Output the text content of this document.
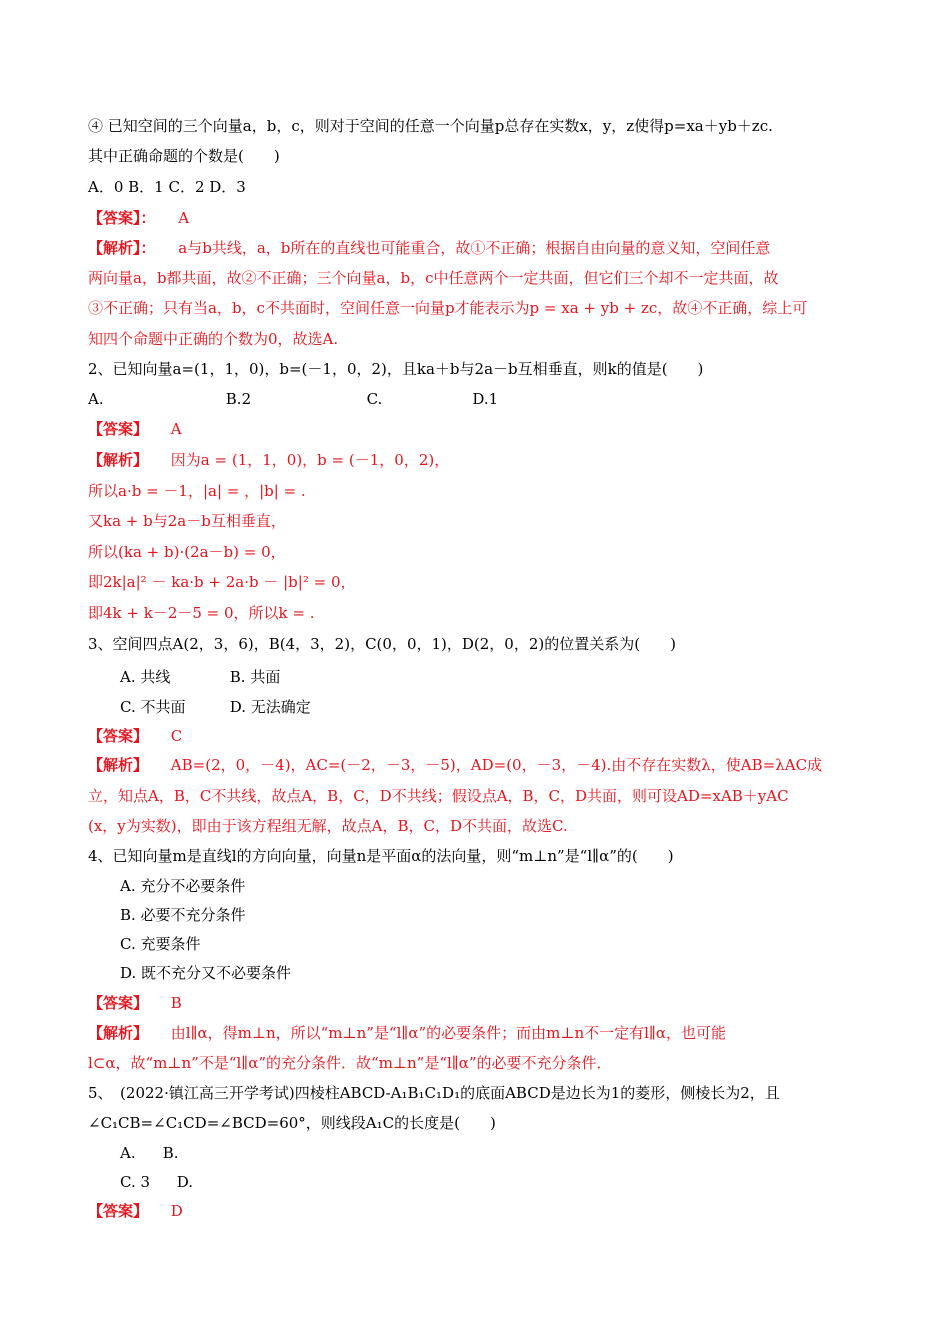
④ 已知空间的三个向量a，b，c，则对于空间的任意一个向量p总存在实数x，y，z使得p=xa＋yb＋zc.
其中正确命题的个数是(　　)
A．0 B．1 C．2 D．3
【答案】： A
【解析】： a与b共线，a，b所在的直线也可能重合，故①不正确；根据自由向量的意义知，空间任意
两向量a，b都共面，故②不正确；三个向量a，b，c中任意两个一定共面，但它们三个却不一定共面，故
③不正确；只有当a，b，c不共面时，空间任意一向量p才能表示为p = xa + yb + zc，故④不正确，综上可
知四个命题中正确的个数为0，故选A.
2、已知向量a=(1，1，0)，b=(－1，0，2)，且ka＋b与2a－b互相垂直，则k的值是(　　)
A.	B.2	C.	D.1
【答案】 A
【解析】 因为a = (1，1，0)，b = (－1，0，2)，
所以a·b = －1，|a| = ，|b| = .
又ka + b与2a－b互相垂直，
所以(ka + b)·(2a－b) = 0，
即2k|a|² － ka·b + 2a·b － |b|² = 0，
即4k + k－2－5 = 0，所以k = .
3、空间四点A(2，3，6)，B(4，3，2)，C(0，0，1)，D(2，0，2)的位置关系为(　　)
A. 共线	B. 共面
C. 不共面	D. 无法确定
【答案】 C
【解析】 AB=(2，0，－4)，AC=(－2，－3，－5)，AD=(0，－3，－4).由不存在实数λ，使AB=λAC成
立，知点A，B，C不共线，故点A，B，C，D不共线；假设点A，B，C，D共面，则可设AD=xAB＋yAC
(x，y为实数)，即由于该方程组无解，故点A，B，C，D不共面，故选C.
4、已知向量m是直线l的方向向量，向量n是平面α的法向量，则“m⊥n”是“l∥α”的(　　)
A. 充分不必要条件
B. 必要不充分条件
C. 充要条件
D. 既不充分又不必要条件
【答案】 B
【解析】 由l∥α，得m⊥n，所以“m⊥n”是“l∥α”的必要条件；而由m⊥n不一定有l∥α，也可能
l⊂α，故“m⊥n”不是“l∥α”的充分条件．故“m⊥n”是“l∥α”的必要不充分条件．
5、　(2022·镇江高三开学考试)四棱柱ABCD-A₁B₁C₁D₁的底面ABCD是边长为1的菱形，侧棱长为2，且
∠C₁CB=∠C₁CD=∠BCD=60°，则线段A₁C的长度是(　　)
A. B.
C. 3 D.
【答案】 D
